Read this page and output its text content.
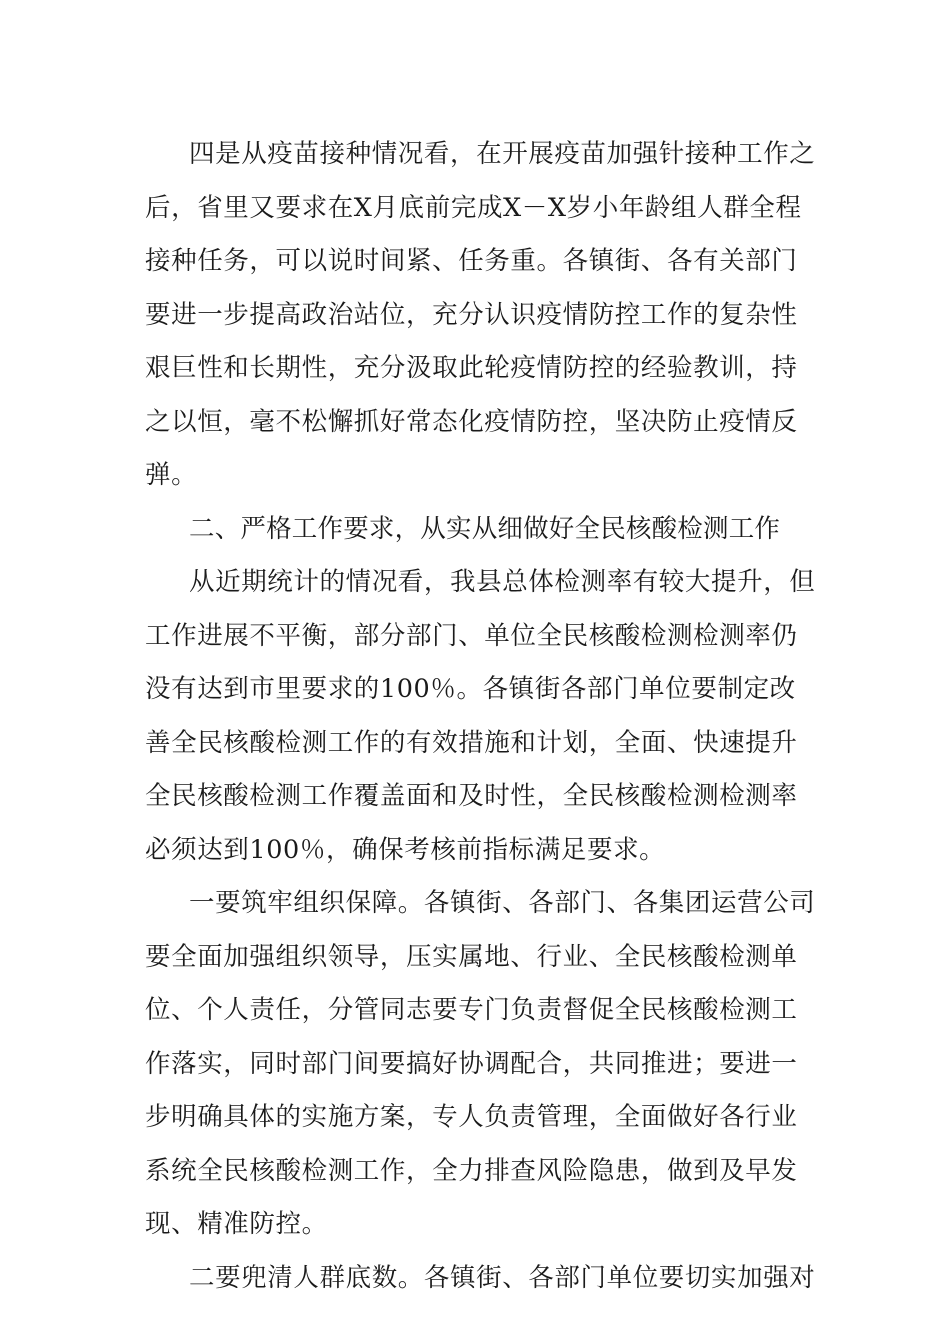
四是从疫苗接种情况看，在开展疫苗加强针接种工作之
后，省里又要求在X月底前完成X－X岁小年龄组人群全程
接种任务，可以说时间紧、任务重。各镇街、各有关部门
要进一步提高政治站位，充分认识疫情防控工作的复杂性
艰巨性和长期性，充分汲取此轮疫情防控的经验教训，持
之以恒，毫不松懈抓好常态化疫情防控，坚决防止疫情反
弹。
二、严格工作要求，从实从细做好全民核酸检测工作
从近期统计的情况看，我县总体检测率有较大提升，但
工作进展不平衡，部分部门、单位全民核酸检测检测率仍
没有达到市里要求的100％。各镇街各部门单位要制定改
善全民核酸检测工作的有效措施和计划，全面、快速提升
全民核酸检测工作覆盖面和及时性，全民核酸检测检测率
必须达到100％，确保考核前指标满足要求。
一要筑牢组织保障。各镇街、各部门、各集团运营公司
要全面加强组织领导，压实属地、行业、全民核酸检测单
位、个人责任，分管同志要专门负责督促全民核酸检测工
作落实，同时部门间要搞好协调配合，共同推进；要进一
步明确具体的实施方案，专人负责管理，全面做好各行业
系统全民核酸检测工作，全力排查风险隐患，做到及早发
现、精准防控。
二要兜清人群底数。各镇街、各部门单位要切实加强对
